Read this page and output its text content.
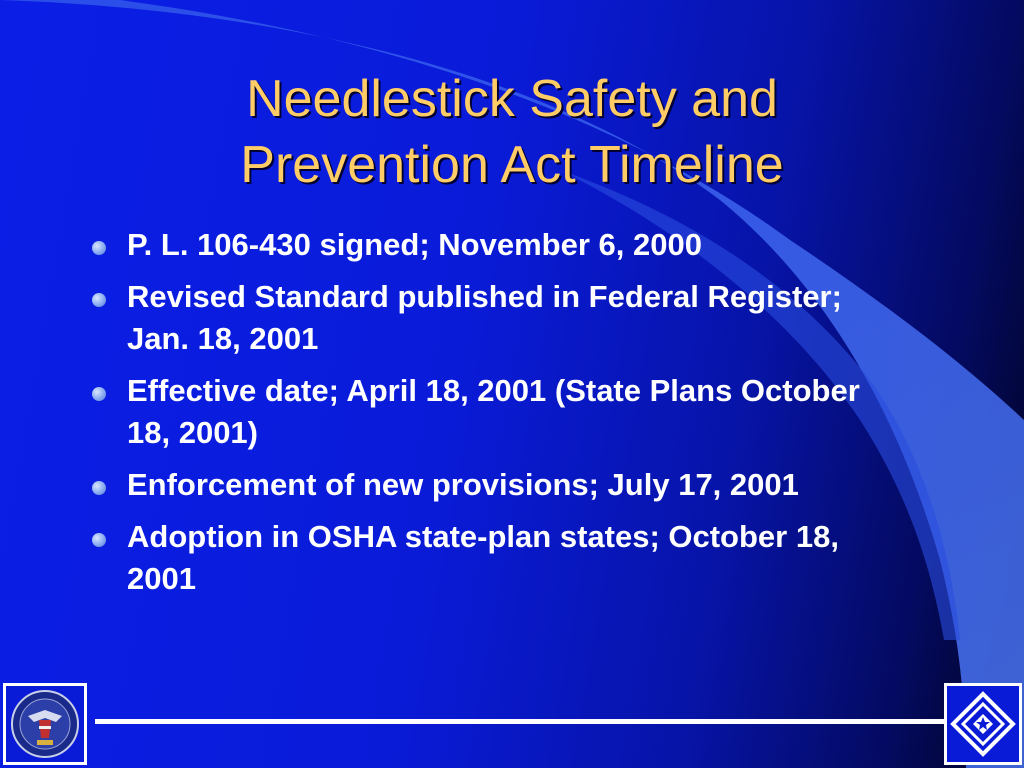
Needlestick Safety and
Prevention Act Timeline
P. L. 106-430 signed; November 6, 2000
Revised Standard published in Federal Register; Jan. 18, 2001
Effective date; April 18, 2001 (State Plans October 18, 2001)
Enforcement of new provisions; July 17, 2001
Adoption in OSHA state-plan states; October 18, 2001
